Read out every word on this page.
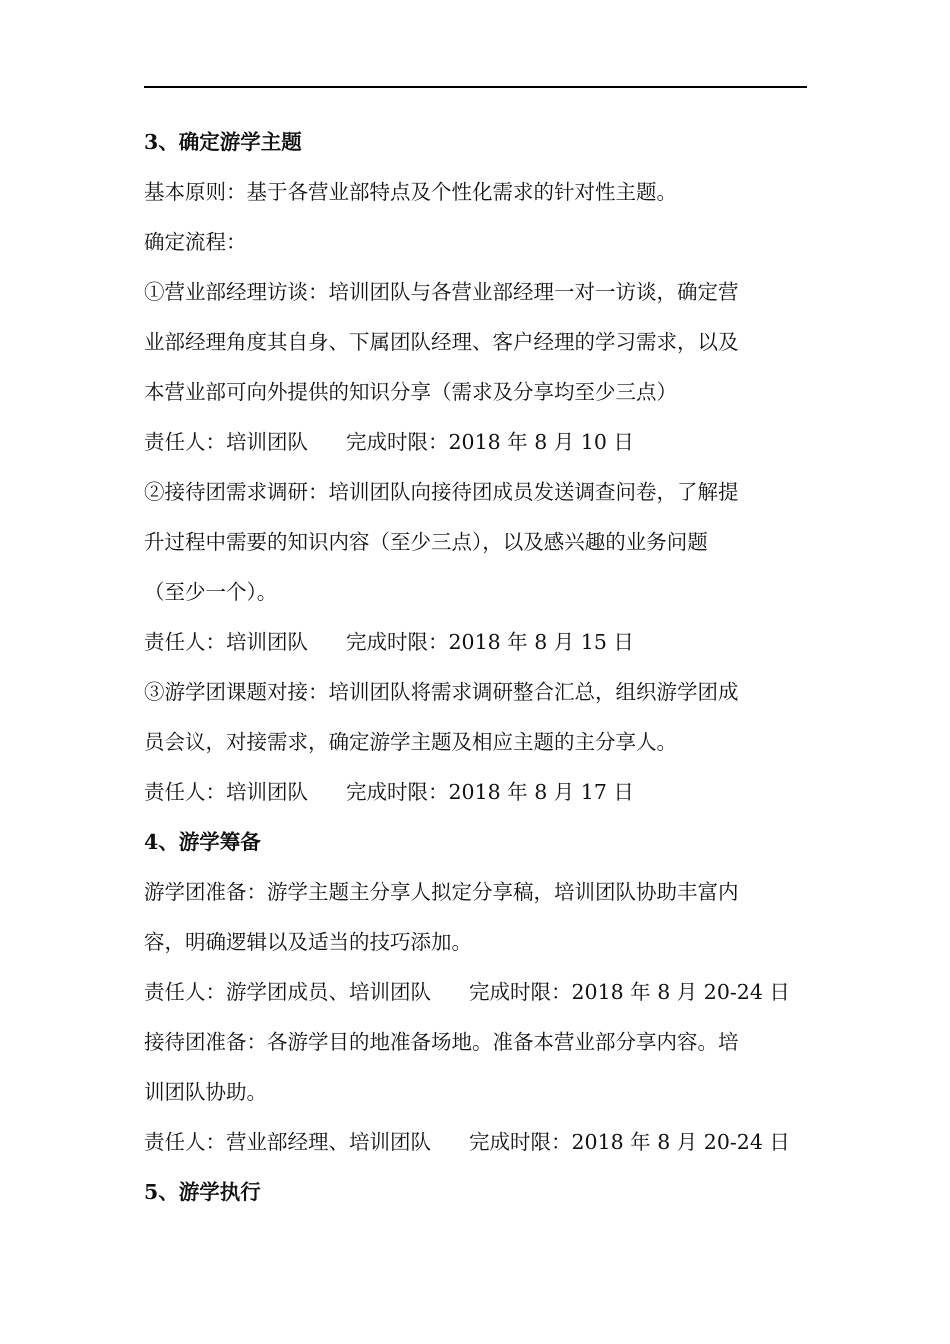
3、确定游学主题
基本原则：基于各营业部特点及个性化需求的针对性主题。
确定流程：
①营业部经理访谈：培训团队与各营业部经理一对一访谈，确定营
业部经理角度其自身、下属团队经理、客户经理的学习需求，以及
本营业部可向外提供的知识分享（需求及分享均至少三点）
责任人：培训团队 完成时限：2018 年 8 月 10 日
②接待团需求调研：培训团队向接待团成员发送调查问卷，了解提
升过程中需要的知识内容（至少三点），以及感兴趣的业务问题
（至少一个）。
责任人：培训团队 完成时限：2018 年 8 月 15 日
③游学团课题对接：培训团队将需求调研整合汇总，组织游学团成
员会议，对接需求，确定游学主题及相应主题的主分享人。
责任人：培训团队 完成时限：2018 年 8 月 17 日
4、游学筹备
游学团准备：游学主题主分享人拟定分享稿，培训团队协助丰富内
容，明确逻辑以及适当的技巧添加。
责任人：游学团成员、培训团队 完成时限：2018 年 8 月 20-24 日
接待团准备：各游学目的地准备场地。准备本营业部分享内容。培
训团队协助。
责任人：营业部经理、培训团队 完成时限：2018 年 8 月 20-24 日
5、游学执行
